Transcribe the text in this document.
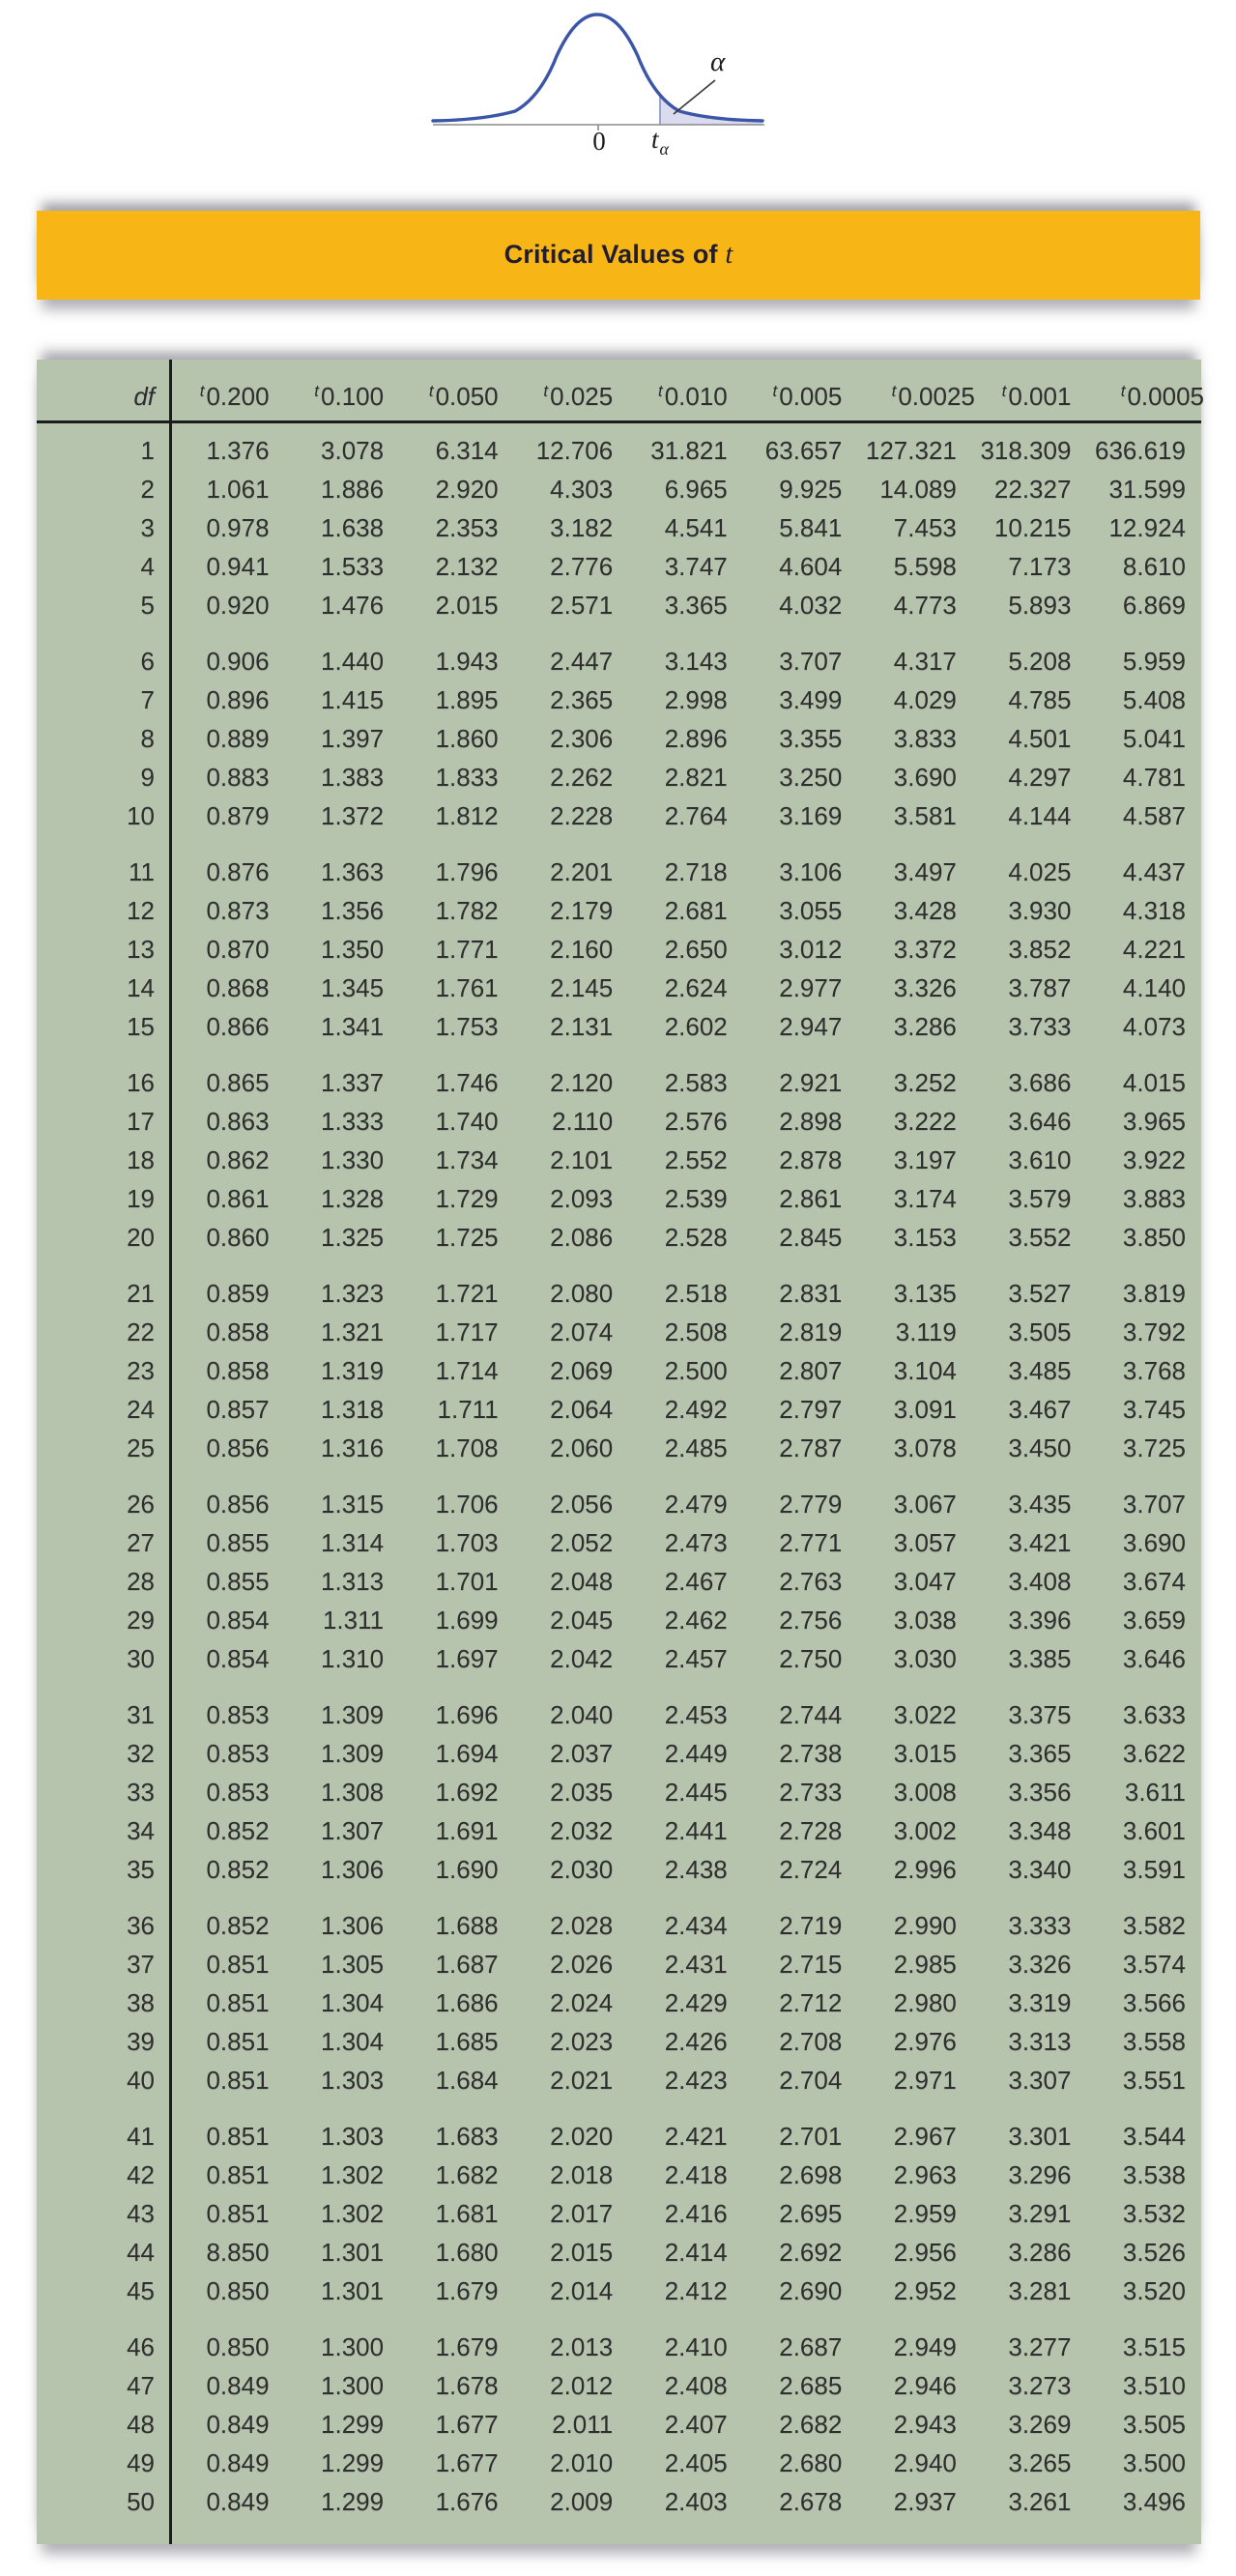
0 $t_\alpha$
α
Critical Values of t
df	$^t$0.200	$^t$0.100	$^t$0.050	$^t$0.025	$^t$0.010	$^t$0.005	$^t$0.0025	$^t$0.001	$^t$0.0005
1	1.376	3.078	6.314	12.706	31.821	63.657 127.321 318.309 636.619
2	1.061	1.886	2.920	4.303	6.965	9.925	14.089	22.327	31.599
3	0.978	1.638	2.353	3.182	4.541	5.841	7.453	10.215	12.924
4	0.941	1.533	2.132	2.776	3.747	4.604	5.598	7.173	8.610
5	0.920	1.476	2.015	2.571	3.365	4.032	4.773	5.893	6.869
6	0.906	1.440	1.943	2.447	3.143	3.707	4.317	5.208	5.959
7	0.896	1.415	1.895	2.365	2.998	3.499	4.029	4.785	5.408
8	0.889	1.397	1.860	2.306	2.896	3.355	3.833	4.501	5.041
9	0.883	1.383	1.833	2.262	2.821	3.250	3.690	4.297	4.781
10	0.879	1.372	1.812	2.228	2.764	3.169	3.581	4.144	4.587
11	0.876	1.363	1.796	2.201	2.718	3.106	3.497	4.025	4.437
12	0.873	1.356	1.782	2.179	2.681	3.055	3.428	3.930	4.318
13	0.870	1.350	1.771	2.160	2.650	3.012	3.372	3.852	4.221
14	0.868	1.345	1.761	2.145	2.624	2.977	3.326	3.787	4.140
15	0.866	1.341	1.753	2.131	2.602	2.947	3.286	3.733	4.073
16	0.865	1.337	1.746	2.120	2.583	2.921	3.252	3.686	4.015
17	0.863	1.333	1.740	2.110	2.576	2.898	3.222	3.646	3.965
18	0.862	1.330	1.734	2.101	2.552	2.878	3.197	3.610	3.922
19	0.861	1.328	1.729	2.093	2.539	2.861	3.174	3.579	3.883
20	0.860	1.325	1.725	2.086	2.528	2.845	3.153	3.552	3.850
21	0.859	1.323	1.721	2.080	2.518	2.831	3.135	3.527	3.819
22	0.858	1.321	1.717	2.074	2.508	2.819	3.119	3.505	3.792
23	0.858	1.319	1.714	2.069	2.500	2.807	3.104	3.485	3.768
24	0.857	1.318	1.711	2.064	2.492	2.797	3.091	3.467	3.745
25	0.856	1.316	1.708	2.060	2.485	2.787	3.078	3.450	3.725
26	0.856	1.315	1.706	2.056	2.479	2.779	3.067	3.435	3.707
27	0.855	1.314	1.703	2.052	2.473	2.771	3.057	3.421	3.690
28	0.855	1.313	1.701	2.048	2.467	2.763	3.047	3.408	3.674
29	0.854	1.311	1.699	2.045	2.462	2.756	3.038	3.396	3.659
30	0.854	1.310	1.697	2.042	2.457	2.750	3.030	3.385	3.646
31	0.853	1.309	1.696	2.040	2.453	2.744	3.022	3.375	3.633
32	0.853	1.309	1.694	2.037	2.449	2.738	3.015	3.365	3.622
33	0.853	1.308	1.692	2.035	2.445	2.733	3.008	3.356	3.611
34	0.852	1.307	1.691	2.032	2.441	2.728	3.002	3.348	3.601
35	0.852	1.306	1.690	2.030	2.438	2.724	2.996	3.340	3.591
36	0.852	1.306	1.688	2.028	2.434	2.719	2.990	3.333	3.582
37	0.851	1.305	1.687	2.026	2.431	2.715	2.985	3.326	3.574
38	0.851	1.304	1.686	2.024	2.429	2.712	2.980	3.319	3.566
39	0.851	1.304	1.685	2.023	2.426	2.708	2.976	3.313	3.558
40	0.851	1.303	1.684	2.021	2.423	2.704	2.971	3.307	3.551
41	0.851	1.303	1.683	2.020	2.421	2.701	2.967	3.301	3.544
42	0.851	1.302	1.682	2.018	2.418	2.698	2.963	3.296	3.538
43	0.851	1.302	1.681	2.017	2.416	2.695	2.959	3.291	3.532
44	8.850	1.301	1.680	2.015	2.414	2.692	2.956	3.286	3.526
45	0.850	1.301	1.679	2.014	2.412	2.690	2.952	3.281	3.520
46	0.850	1.300	1.679	2.013	2.410	2.687	2.949	3.277	3.515
47	0.849	1.300	1.678	2.012	2.408	2.685	2.946	3.273	3.510
48	0.849	1.299	1.677	2.011	2.407	2.682	2.943	3.269	3.505
49	0.849	1.299	1.677	2.010	2.405	2.680	2.940	3.265	3.500
50	0.849	1.299	1.676	2.009	2.403	2.678	2.937	3.261	3.496
